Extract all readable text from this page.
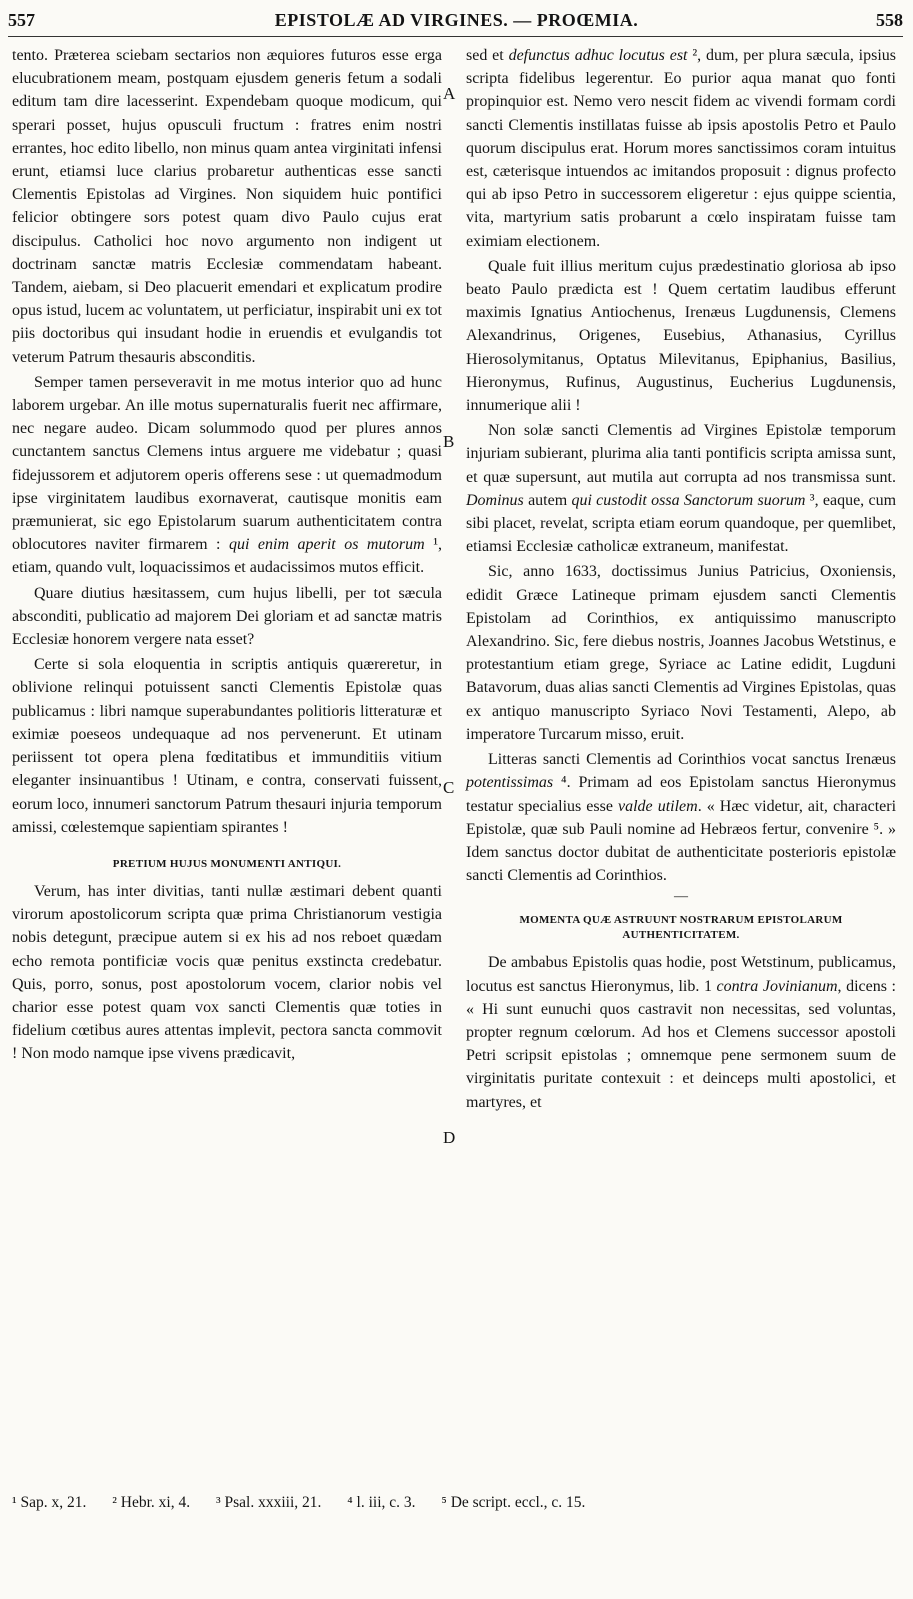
557	EPISTOLÆ AD VIRGINES. — PROŒMIA.	558
A
B
C
D

tento. Præterea sciebam sectarios non æquiores futuros esse erga elucubrationem meam, postquam ejusdem generis fetum a sodali editum tam dire lacesserint. Expendebam quoque modicum, qui sperari posset, hujus opusculi fructum : fratres enim nostri errantes, hoc edito libello, non minus quam antea virginitati infensi erunt, etiamsi luce clarius probaretur authenticas esse sancti Clementis Epistolas ad Virgines. Non siquidem huic pontifici felicior obtingere sors potest quam divo Paulo cujus erat discipulus. Catholici hoc novo argumento non indigent ut doctrinam sanctæ matris Ecclesiæ commendatam habeant. Tandem, aiebam, si Deo placuerit emendari et explicatum prodire opus istud, lucem ac voluntatem, ut perficiatur, inspirabit uni ex tot piis doctoribus qui insudant hodie in eruendis et evulgandis tot veterum Patrum thesauris absconditis.

Semper tamen perseveravit in me motus interior quo ad hunc laborem urgebar. An ille motus supernaturalis fuerit nec affirmare, nec negare audeo. Dicam solummodo quod per plures annos cunctantem sanctus Clemens intus arguere me videbatur ; quasi fidejussorem et adjutorem operis offerens sese : ut quemadmodum ipse virginitatem laudibus exornaverat, cautisque monitis eam præmunierat, sic ego Epistolarum suarum authenticitatem contra oblocutores naviter firmarem : qui enim aperit os mutorum ¹, etiam, quando vult, loquacissimos et audacissimos mutos efficit.

Quare diutius hæsitassem, cum hujus libelli, per tot sæcula absconditi, publicatio ad majorem Dei gloriam et ad sanctæ matris Ecclesiæ honorem vergere nata esset?

Certe si sola eloquentia in scriptis antiquis quæreretur, in oblivione relinqui potuissent sancti Clementis Epistolæ quas publicamus : libri namque superabundantes politioris litteraturæ et eximiæ poeseos undequaque ad nos pervenerunt. Et utinam periissent tot opera plena fœditatibus et immunditiis vitium eleganter insinuantibus ! Utinam, e contra, conservati fuissent, eorum loco, innumeri sanctorum Patrum thesauri injuria temporum amissi, cœlestemque sapientiam spirantes !

PRETIUM HUJUS MONUMENTI ANTIQUI.

Verum, has inter divitias, tanti nullæ æstimari debent quanti virorum apostolicorum scripta quæ prima Christianorum vestigia nobis detegunt, præcipue autem si ex his ad nos reboet quædam echo remota pontificiæ vocis quæ penitus exstincta credebatur. Quis, porro, sonus, post apostolorum vocem, clarior nobis vel charior esse potest quam vox sancti Clementis quæ toties in fidelium cœtibus aures attentas implevit, pectora sancta commovit ! Non modo namque ipse vivens prædicavit,

sed et defunctus adhuc locutus est ², dum, per plura sæcula, ipsius scripta fidelibus legerentur. Eo purior aqua manat quo fonti propinquior est. Nemo vero nescit fidem ac vivendi formam cordi sancti Clementis instillatas fuisse ab ipsis apostolis Petro et Paulo quorum discipulus erat. Horum mores sanctissimos coram intuitus est, cæterisque intuendos ac imitandos proposuit : dignus profecto qui ab ipso Petro in successorem eligeretur : ejus quippe scientia, vita, martyrium satis probarunt a cœlo inspiratam fuisse tam eximiam electionem.

Quale fuit illius meritum cujus prædestinatio gloriosa ab ipso beato Paulo prædicta est ! Quem certatim laudibus efferunt maximis Ignatius Antiochenus, Irenæus Lugdunensis, Clemens Alexandrinus, Origenes, Eusebius, Athanasius, Cyrillus Hierosolymitanus, Optatus Milevitanus, Epiphanius, Basilius, Hieronymus, Rufinus, Augustinus, Eucherius Lugdunensis, innumerique alii !

Non solæ sancti Clementis ad Virgines Epistolæ temporum injuriam subierant, plurima alia tanti pontificis scripta amissa sunt, et quæ supersunt, aut mutila aut corrupta ad nos transmissa sunt. Dominus autem qui custodit ossa Sanctorum suorum ³, eaque, cum sibi placet, revelat, scripta etiam eorum quandoque, per quemlibet, etiamsi Ecclesiæ catholicæ extraneum, manifestat.

Sic, anno 1633, doctissimus Junius Patricius, Oxoniensis, edidit Græce Latineque primam ejusdem sancti Clementis Epistolam ad Corinthios, ex antiquissimo manuscripto Alexandrino. Sic, fere diebus nostris, Joannes Jacobus Wetstinus, e protestantium etiam grege, Syriace ac Latine edidit, Lugduni Batavorum, duas alias sancti Clementis ad Virgines Epistolas, quas ex antiquo manuscripto Syriaco Novi Testamenti, Alepo, ab imperatore Turcarum misso, eruit.

Litteras sancti Clementis ad Corinthios vocat sanctus Irenæus potentissimas ⁴. Primam ad eos Epistolam sanctus Hieronymus testatur specialius esse valde utilem. « Hæc videtur, ait, characteri Epistolæ, quæ sub Pauli nomine ad Hebræos fertur, convenire ⁵. » Idem sanctus doctor dubitat de authenticitate posterioris epistolæ sancti Clementis ad Corinthios.

—
MOMENTA QUÆ ASTRUUNT NOSTRARUM EPISTOLARUM AUTHENTICITATEM.

De ambabus Epistolis quas hodie, post Wetstinum, publicamus, locutus est sanctus Hieronymus, lib. 1 contra Jovinianum, dicens : « Hi sunt eunuchi quos castravit non necessitas, sed voluntas, propter regnum cœlorum. Ad hos et Clemens successor apostoli Petri scripsit epistolas ; omnemque pene sermonem suum de virginitatis puritate contexuit : et deinceps multi apostolici, et martyres, et

¹ Sap. x, 21. ² Hebr. xi, 4. ³ Psal. xxxiii, 21. ⁴ l. iii, c. 3. ⁵ De script. eccl., c. 15.
